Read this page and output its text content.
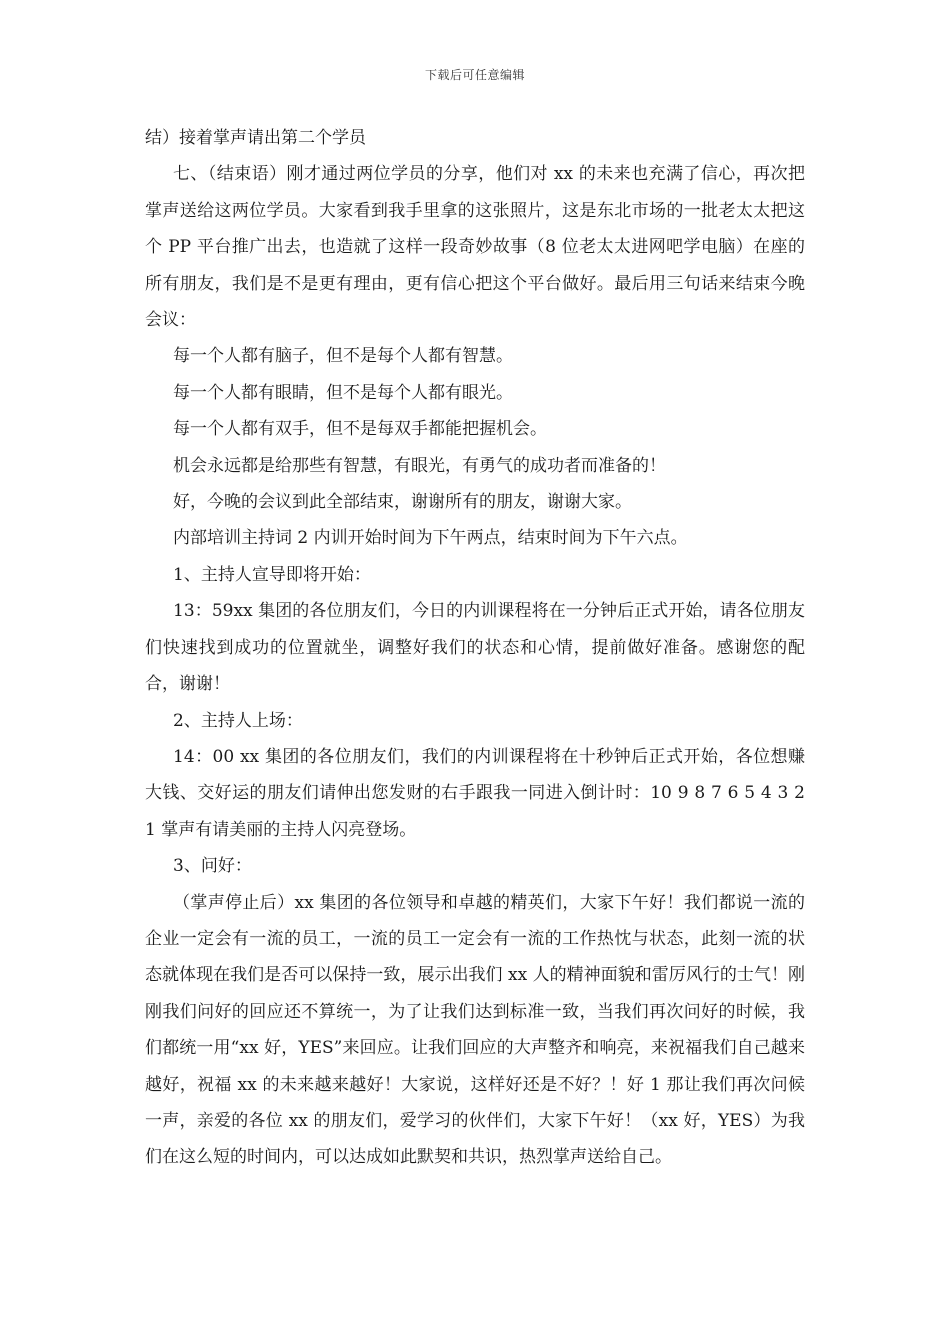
下载后可任意编辑

结）接着掌声请出第二个学员

七、（结束语）刚才通过两位学员的分享，他们对 xx 的未来也充满了信心，再次把掌声送给这两位学员。大家看到我手里拿的这张照片，这是东北市场的一批老太太把这个 PP 平台推广出去，也造就了这样一段奇妙故事（8 位老太太进网吧学电脑）在座的所有朋友，我们是不是更有理由，更有信心把这个平台做好。最后用三句话来结束今晚会议：

每一个人都有脑子，但不是每个人都有智慧。

每一个人都有眼睛，但不是每个人都有眼光。

每一个人都有双手，但不是每双手都能把握机会。

机会永远都是给那些有智慧，有眼光，有勇气的成功者而准备的！

好，今晚的会议到此全部结束，谢谢所有的朋友，谢谢大家。

内部培训主持词 2 内训开始时间为下午两点，结束时间为下午六点。

1、主持人宣导即将开始：

13：59xx 集团的各位朋友们，今日的内训课程将在一分钟后正式开始，请各位朋友们快速找到成功的位置就坐，调整好我们的状态和心情，提前做好准备。感谢您的配合，谢谢！

2、主持人上场：

14：00 xx 集团的各位朋友们，我们的内训课程将在十秒钟后正式开始，各位想赚大钱、交好运的朋友们请伸出您发财的右手跟我一同进入倒计时：10 9 8 7 6 5 4 3 2 1 掌声有请美丽的主持人闪亮登场。

3、问好：

（掌声停止后）xx 集团的各位领导和卓越的精英们，大家下午好！我们都说一流的企业一定会有一流的员工，一流的员工一定会有一流的工作热忱与状态，此刻一流的状态就体现在我们是否可以保持一致，展示出我们 xx 人的精神面貌和雷厉风行的士气！刚刚我们问好的回应还不算统一，为了让我们达到标准一致，当我们再次问好的时候，我们都统一用“xx 好，YES”来回应。让我们回应的大声整齐和响亮，来祝福我们自己越来越好，祝福 xx 的未来越来越好！大家说，这样好还是不好？！好 1 那让我们再次问候一声，亲爱的各位 xx 的朋友们，爱学习的伙伴们，大家下午好！（xx 好，YES）为我们在这么短的时间内，可以达成如此默契和共识，热烈掌声送给自己。
